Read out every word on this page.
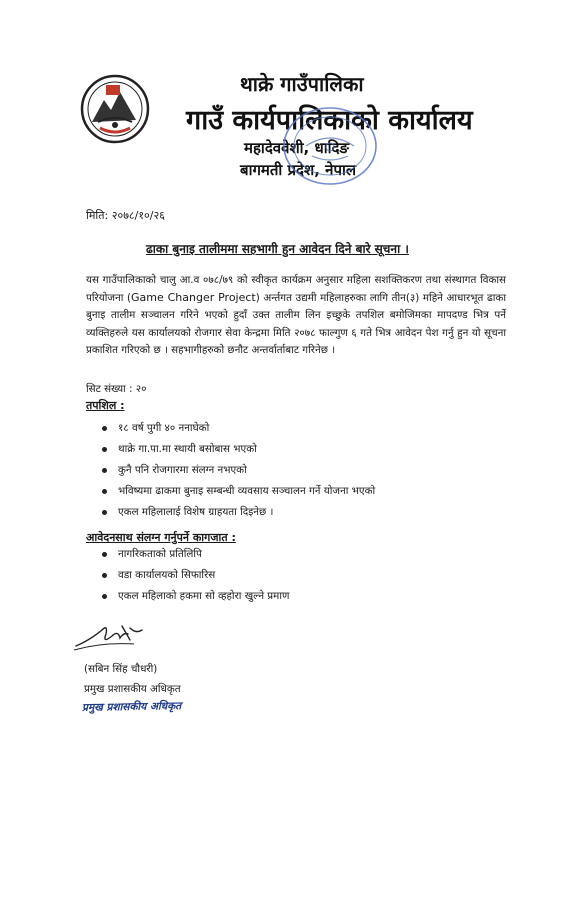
थाक्रे गाउँपालिका
गाउँ कार्यपालिकाको कार्यालय
महादेववेशी, धादिङ
बागमती प्रदेश, नेपाल
मिति: २०७८/१०/२६
ढाका बुनाइ तालीममा सहभागी हुन आवेदन दिने बारे सूचना ।
यस गाउँपालिकाको चालु आ.व ०७८/७९ को स्वीकृत कार्यक्रम अनुसार महिला सशक्तिकरण तथा संस्थागत विकास परियोजना (Game Changer Project) अर्न्तगत उद्यमी महिलाहरुका लागि तीन(३) महिने आधारभूत ढाका बुनाइ तालीम सञ्चालन गरिने भएको हुदाँ उक्त तालीम लिन इच्छुके तपशिल बमोजिमका मापदण्ड भित्र पर्ने व्यक्तिहरुले यस कार्यालयको रोजगार सेवा केन्द्रमा मिति २०७८ फाल्गुण ६ गते भित्र आवेदन पेश गर्नु हुन यो सूचना प्रकाशित गरिएको छ । सहभागीहरुको छनौट अन्तर्वार्ताबाट गरिनेछ ।
सिट संख्या : २०
तपशिल :
१८ वर्ष पुगी ४० ननाघेको
थाक्रे गा.पा.मा स्थायी बसोबास भएको
कुनै पनि रोजगारमा संलग्न नभएको
भविष्यमा ढाकमा बुनाइ सम्बन्धी व्यवसाय सञ्चालन गर्ने योजना भएको
एकल महिलालाई विशेष ग्राहयता दिइनेछ ।
आवेदनसाथ संलग्न गर्नुपर्ने कागजात :
नागरिकताको प्रतिलिपि
वडा कार्यालयको सिफारिस
एकल महिलाको हकमा सो व्हहोरा खुल्ने प्रमाण
(सबिन सिंह चौधरी)
प्रमुख प्रशासकीय अधिकृत
प्रमुख प्रशासकीय अधिकृत
